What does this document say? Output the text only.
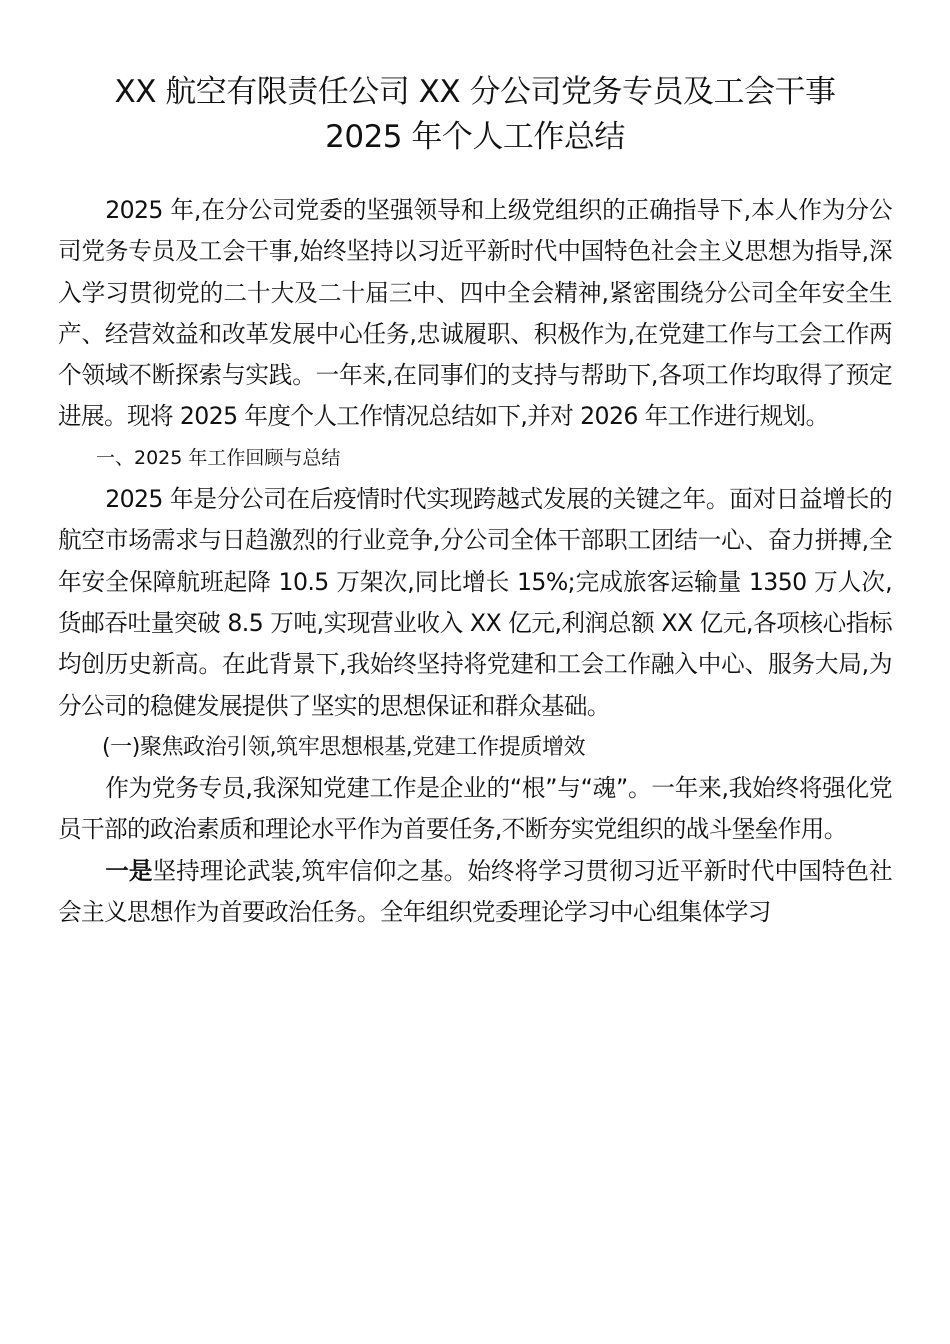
XX 航空有限责任公司 XX 分公司党务专员及工会干事
2025 年个人工作总结

2025 年,在分公司党委的坚强领导和上级党组织的正确指导下,本人作为分公司党务专员及工会干事,始终坚持以习近平新时代中国特色社会主义思想为指导,深入学习贯彻党的二十大及二十届三中、四中全会精神,紧密围绕分公司全年安全生产、经营效益和改革发展中心任务,忠诚履职、积极作为,在党建工作与工会工作两个领域不断探索与实践。一年来,在同事们的支持与帮助下,各项工作均取得了预定进展。现将 2025 年度个人工作情况总结如下,并对 2026 年工作进行规划。

一、2025 年工作回顾与总结

2025 年是分公司在后疫情时代实现跨越式发展的关键之年。面对日益增长的航空市场需求与日趋激烈的行业竞争,分公司全体干部职工团结一心、奋力拼搏,全年安全保障航班起降 10.5 万架次,同比增长 15%;完成旅客运输量 1350 万人次,货邮吞吐量突破 8.5 万吨,实现营业收入 XX 亿元,利润总额 XX 亿元,各项核心指标均创历史新高。在此背景下,我始终坚持将党建和工会工作融入中心、服务大局,为分公司的稳健发展提供了坚实的思想保证和群众基础。

(一)聚焦政治引领,筑牢思想根基,党建工作提质增效

作为党务专员,我深知党建工作是企业的“根”与“魂”。一年来,我始终将强化党员干部的政治素质和理论水平作为首要任务,不断夯实党组织的战斗堡垒作用。

一是坚持理论武装,筑牢信仰之基。始终将学习贯彻习近平新时代中国特色社会主义思想作为首要政治任务。全年组织党委理论学习中心组集体学习
